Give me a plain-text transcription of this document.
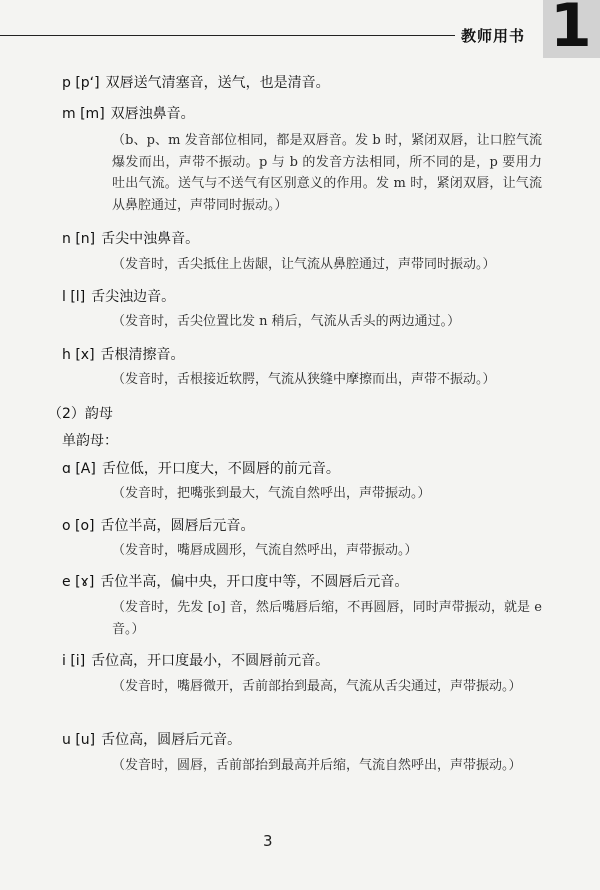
教师用书 1
p [pʻ] 双唇送气清塞音，送气，也是清音。
m [m] 双唇浊鼻音。
（b、p、m 发音部位相同，都是双唇音。发 b 时，紧闭双唇，让口腔气流爆发而出，声带不振动。p 与 b 的发音方法相同，所不同的是，p 要用力吐出气流。送气与不送气有区别意义的作用。发 m 时，紧闭双唇，让气流从鼻腔通过，声带同时振动。）
n [n] 舌尖中浊鼻音。
（发音时，舌尖抵住上齿龈，让气流从鼻腔通过，声带同时振动。）
l [l] 舌尖浊边音。
（发音时，舌尖位置比发 n 稍后，气流从舌头的两边通过。）
h [x] 舌根清擦音。
（发音时，舌根接近软腭，气流从狭缝中摩擦而出，声带不振动。）
（2）韵母
单韵母：
ɑ [A] 舌位低，开口度大，不圆唇的前元音。
（发音时，把嘴张到最大，气流自然呼出，声带振动。）
o [o] 舌位半高，圆唇后元音。
（发音时，嘴唇成圆形，气流自然呼出，声带振动。）
e [ɤ] 舌位半高，偏中央，开口度中等，不圆唇后元音。
（发音时，先发 [o] 音，然后嘴唇后缩，不再圆唇，同时声带振动，就是 e 音。）
i [i] 舌位高，开口度最小，不圆唇前元音。
（发音时，嘴唇微开，舌前部抬到最高，气流从舌尖通过，声带振动。）
u [u] 舌位高，圆唇后元音。
（发音时，圆唇，舌前部抬到最高并后缩，气流自然呼出，声带振动。）
3
